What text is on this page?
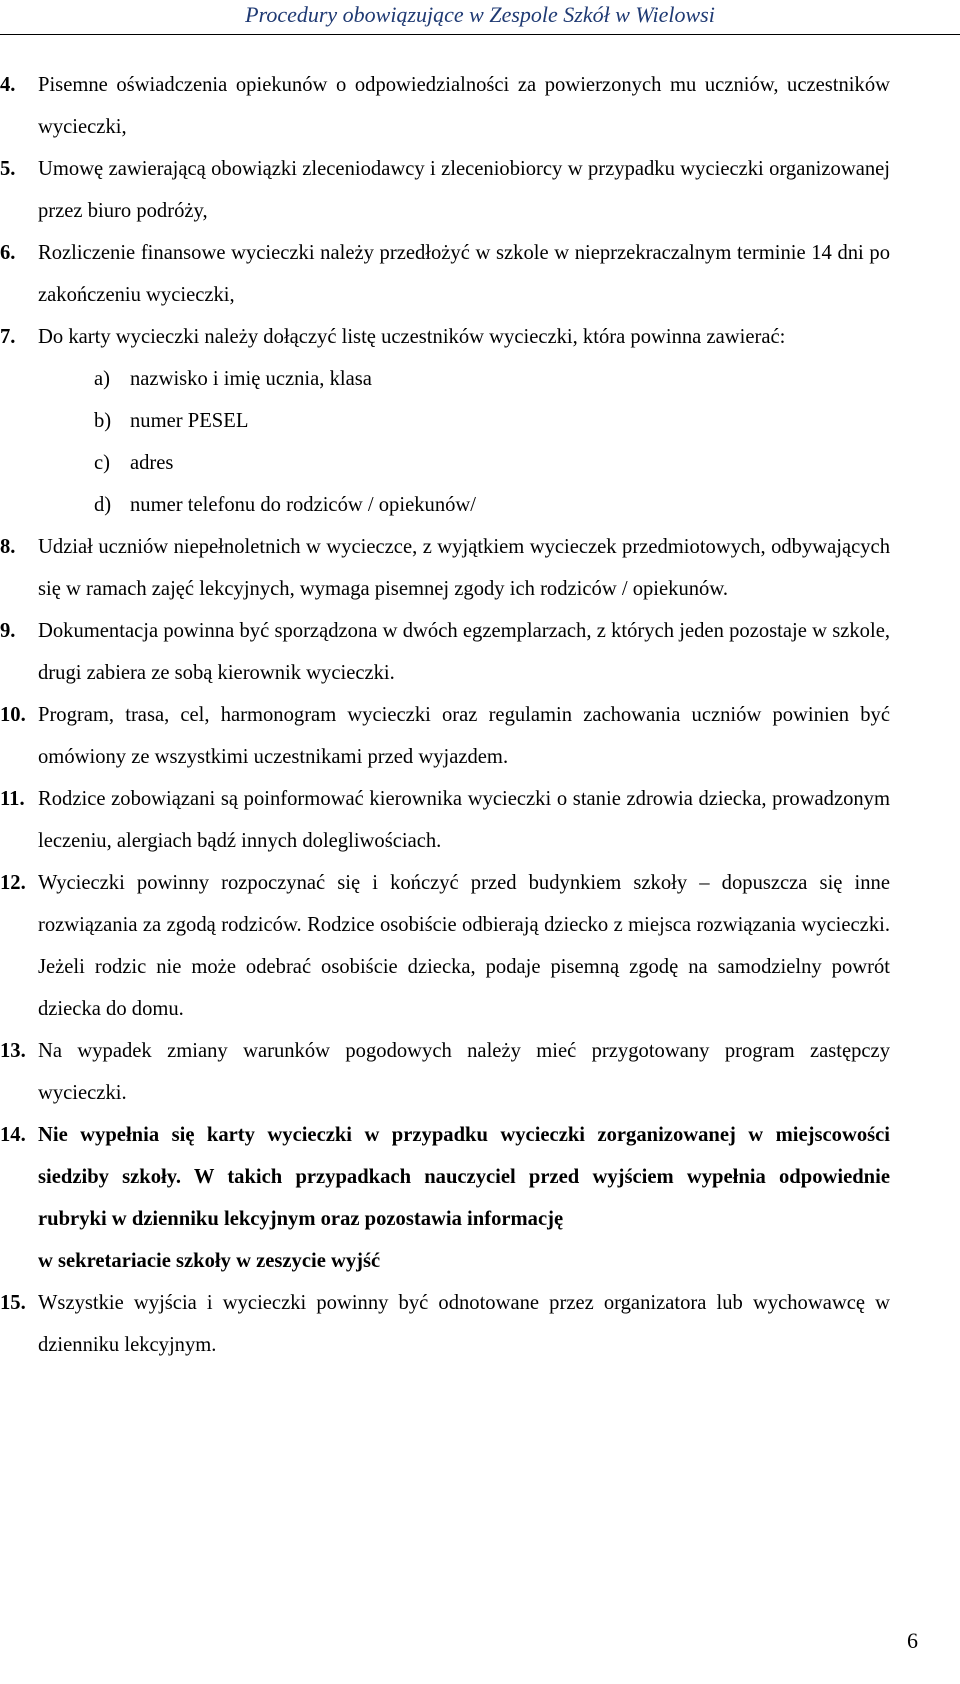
Procedury obowiązujące w Zespole Szkół w Wielowsi
4. Pisemne oświadczenia opiekunów o odpowiedzialności za powierzonych mu uczniów, uczestników wycieczki,
5. Umowę zawierającą obowiązki zleceniodawcy i zleceniobiorcy w przypadku wycieczki organizowanej przez biuro podróży,
6. Rozliczenie finansowe wycieczki należy przedłożyć w szkole w nieprzekraczalnym terminie 14 dni po zakończeniu wycieczki,
7.	Do karty wycieczki należy dołączyć listę uczestników wycieczki, która powinna zawierać:
a) nazwisko i imię ucznia, klasa
b) numer PESEL
c) adres
d) numer telefonu do rodziców / opiekunów/
8. Udział uczniów niepełnoletnich w wycieczce, z wyjątkiem wycieczek przedmiotowych, odbywających się w ramach zajęć lekcyjnych, wymaga pisemnej zgody ich rodziców / opiekunów.
9. Dokumentacja powinna być sporządzona w dwóch egzemplarzach, z których jeden pozostaje w szkole, drugi zabiera ze sobą kierownik wycieczki.
10. Program, trasa, cel, harmonogram wycieczki oraz regulamin zachowania uczniów powinien być omówiony ze wszystkimi uczestnikami przed wyjazdem.
11. Rodzice zobowiązani są poinformować kierownika wycieczki o stanie zdrowia dziecka, prowadzonym leczeniu, alergiach bądź innych dolegliwościach.
12. Wycieczki powinny rozpoczynać się i kończyć przed budynkiem szkoły – dopuszcza się inne rozwiązania za zgodą rodziców. Rodzice osobiście odbierają dziecko z miejsca rozwiązania wycieczki. Jeżeli rodzic nie może odebrać osobiście dziecka, podaje pisemną zgodę na samodzielny powrót dziecka do domu.
13. Na wypadek zmiany warunków pogodowych należy mieć przygotowany program zastępczy wycieczki.
14. Nie wypełnia się karty wycieczki w przypadku wycieczki zorganizowanej w miejscowości siedziby szkoły. W takich przypadkach nauczyciel przed wyjściem wypełnia odpowiednie rubryki w dzienniku lekcyjnym oraz pozostawia informację
w sekretariacie szkoły w zeszycie wyjść
15. Wszystkie wyjścia i wycieczki powinny być odnotowane przez organizatora lub wychowawcę w dzienniku lekcyjnym.
6
